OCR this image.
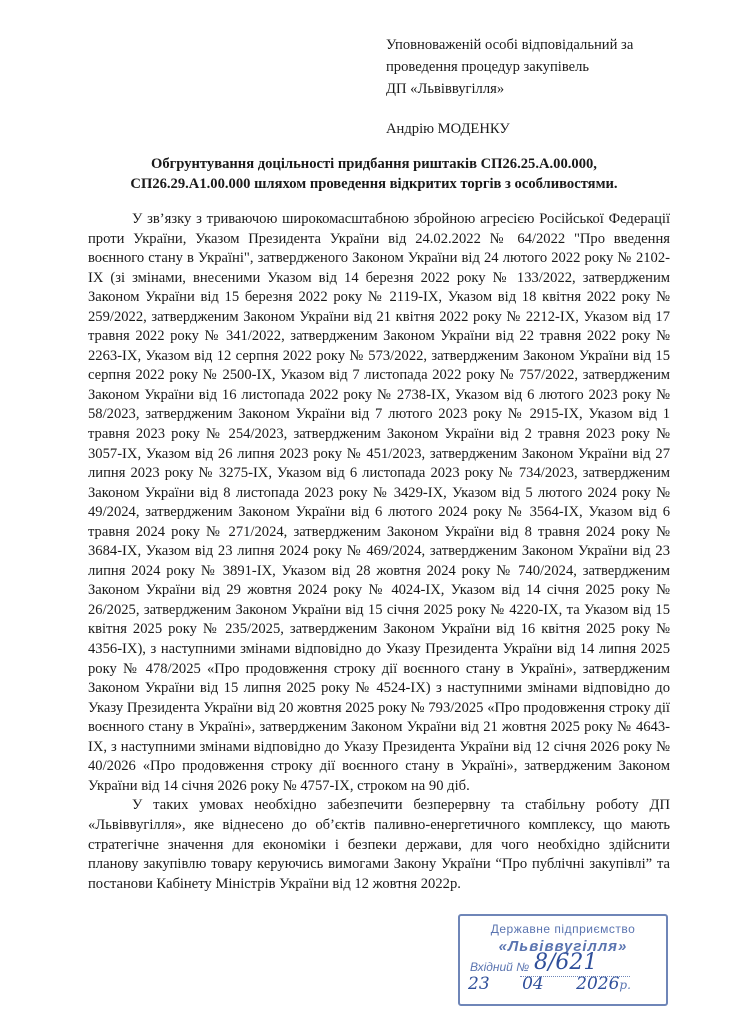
Уповноваженій особі відповідальний за
проведення процедур закупівель
ДП «Львіввугілля»
Андрію МОДЕНКУ
Обгрунтування доцільності придбання риштаків СП26.25.А.00.000,
СП26.29.А1.00.000 шляхом проведення відкритих торгів з особливостями.

У зв’язку з триваючою широкомасштабною збройною агресією Російської Федерації проти України, Указом Президента України від 24.02.2022 № 64/2022 "Про введення воєнного стану в Україні", затвердженого Законом України від 24 лютого 2022 року № 2102-IX (зі змінами, внесеними Указом від 14 березня 2022 року № 133/2022, затвердженим Законом України від 15 березня 2022 року № 2119-IX, Указом від 18 квітня 2022 року № 259/2022, затвердженим Законом України від 21 квітня 2022 року № 2212-IX, Указом від 17 травня 2022 року № 341/2022, затвердженим Законом України від 22 травня 2022 року № 2263-IX, Указом від 12 серпня 2022 року № 573/2022, затвердженим Законом України від 15 серпня 2022 року № 2500-IX, Указом від 7 листопада 2022 року № 757/2022, затвердженим Законом України від 16 листопада 2022 року № 2738-IX, Указом від 6 лютого 2023 року № 58/2023, затвердженим Законом України від 7 лютого 2023 року № 2915-IX, Указом від 1 травня 2023 року № 254/2023, затвердженим Законом України від 2 травня 2023 року № 3057-IX, Указом від 26 липня 2023 року № 451/2023, затвердженим Законом України від 27 липня 2023 року № 3275-IX, Указом від 6 листопада 2023 року № 734/2023, затвердженим Законом України від 8 листопада 2023 року № 3429-IX, Указом від 5 лютого 2024 року № 49/2024, затвердженим Законом України від 6 лютого 2024 року № 3564-IX, Указом від 6 травня 2024 року № 271/2024, затвердженим Законом України від 8 травня 2024 року № 3684-IX, Указом від 23 липня 2024 року № 469/2024, затвердженим Законом України від 23 липня 2024 року № 3891-IX, Указом від 28 жовтня 2024 року № 740/2024, затвердженим Законом України від 29 жовтня 2024 року № 4024-IX, Указом від 14 січня 2025 року № 26/2025, затвердженим Законом України від 15 січня 2025 року № 4220-IX, та Указом від 15 квітня 2025 року № 235/2025, затвердженим Законом України від 16 квітня 2025 року № 4356-IX), з наступними змінами відповідно до Указу Президента України від 14 липня 2025 року № 478/2025 «Про продовження строку дії воєнного стану в Україні», затвердженим Законом України від 15 липня 2025 року № 4524-IX) з наступними змінами відповідно до Указу Президента України від 20 жовтня 2025 року № 793/2025 «Про продовження строку дії воєнного стану в Україні», затвердженим Законом України від 21 жовтня 2025 року № 4643-IX, з наступними змінами відповідно до Указу Президента України від 12 січня 2026 року № 40/2026 «Про продовження строку дії воєнного стану в Україні», затвердженим Законом України від 14 січня 2026 року № 4757-IX, строком на 90 діб.

У таких умовах необхідно забезпечити безперервну та стабільну роботу ДП «Львіввугілля», яке віднесено до об’єктів паливно-енергетичного комплексу, що мають стратегічне значення для економіки і безпеки держави, для чого необхідно здійснити планову закупівлю товару керуючись вимогами Закону України “Про публічні закупівлі” та постанови Кабінету Міністрів України від 12 жовтня 2022р.

Державне підприємство
«Львіввугілля»
Вхідний № 8/621
23 04 2026р.
